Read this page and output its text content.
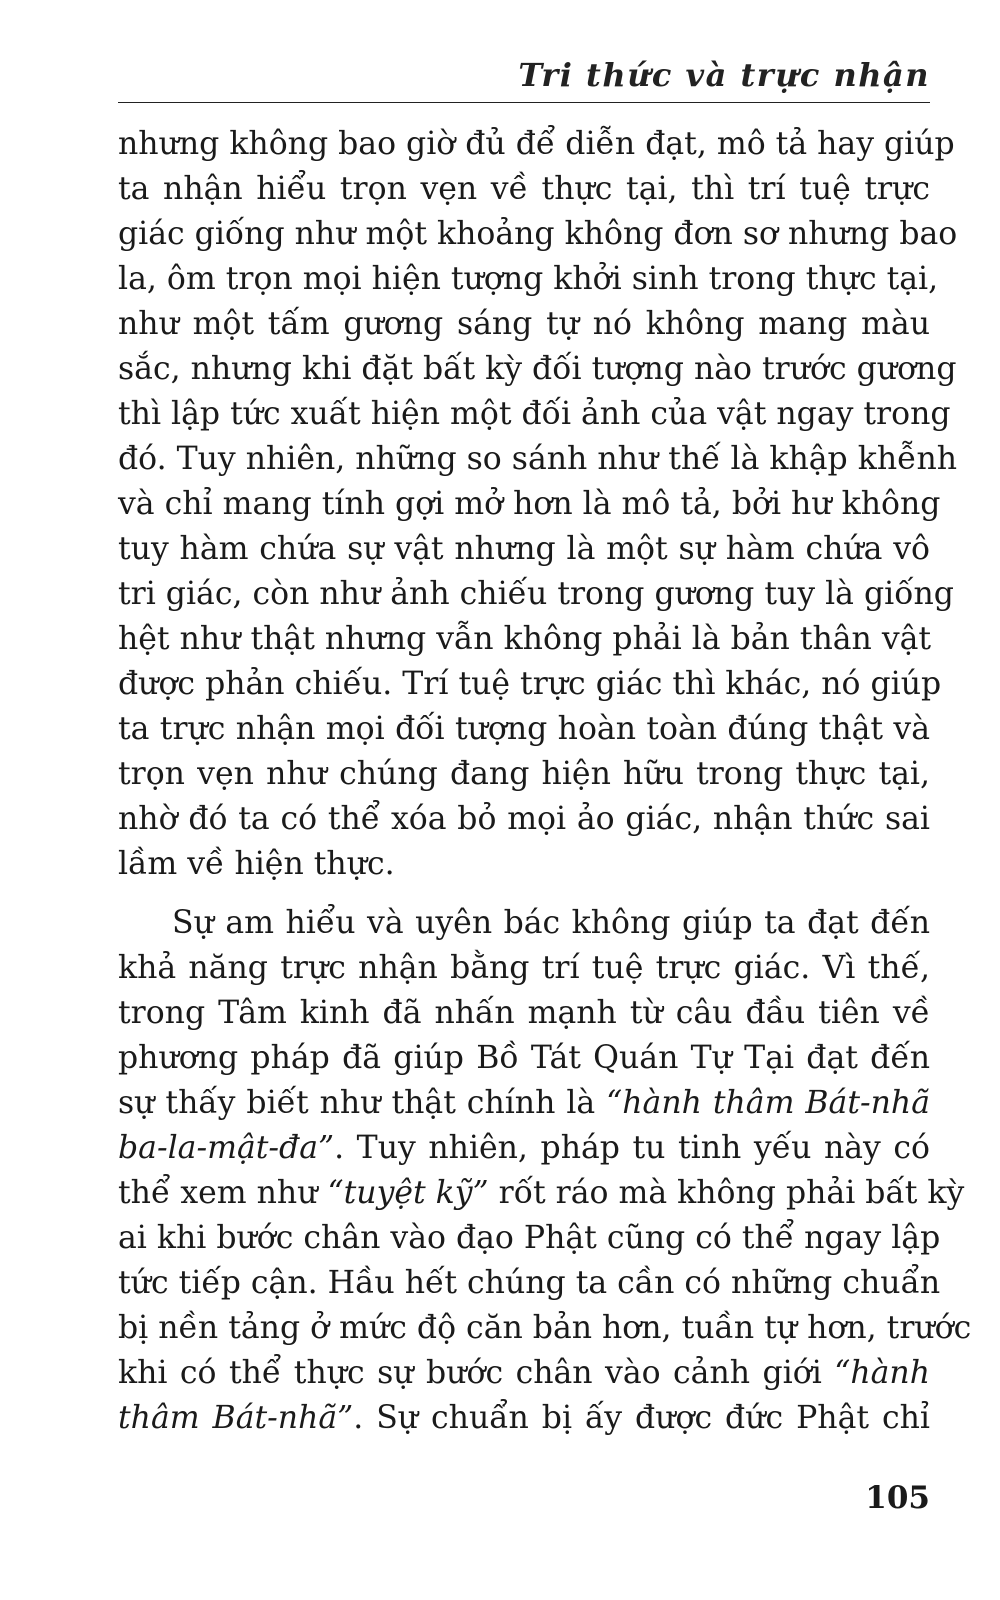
Tri thức và trực nhận
nhưng không bao giờ đủ để diễn đạt, mô tả hay giúp
ta nhận hiểu trọn vẹn về thực tại, thì trí tuệ trực
giác giống như một khoảng không đơn sơ nhưng bao
la, ôm trọn mọi hiện tượng khởi sinh trong thực tại,
như một tấm gương sáng tự nó không mang màu
sắc, nhưng khi đặt bất kỳ đối tượng nào trước gương
thì lập tức xuất hiện một đối ảnh của vật ngay trong
đó. Tuy nhiên, những so sánh như thế là khập khễnh
và chỉ mang tính gợi mở hơn là mô tả, bởi hư không
tuy hàm chứa sự vật nhưng là một sự hàm chứa vô
tri giác, còn như ảnh chiếu trong gương tuy là giống
hệt như thật nhưng vẫn không phải là bản thân vật
được phản chiếu. Trí tuệ trực giác thì khác, nó giúp
ta trực nhận mọi đối tượng hoàn toàn đúng thật và
trọn vẹn như chúng đang hiện hữu trong thực tại,
nhờ đó ta có thể xóa bỏ mọi ảo giác, nhận thức sai
lầm về hiện thực.
Sự am hiểu và uyên bác không giúp ta đạt đến
khả năng trực nhận bằng trí tuệ trực giác. Vì thế,
trong Tâm kinh đã nhấn mạnh từ câu đầu tiên về
phương pháp đã giúp Bồ Tát Quán Tự Tại đạt đến
sự thấy biết như thật chính là “hành thâm Bát-nhã
ba-la-mật-đa”. Tuy nhiên, pháp tu tinh yếu này có
thể xem như “tuyệt kỹ” rốt ráo mà không phải bất kỳ
ai khi bước chân vào đạo Phật cũng có thể ngay lập
tức tiếp cận. Hầu hết chúng ta cần có những chuẩn
bị nền tảng ở mức độ căn bản hơn, tuần tự hơn, trước
khi có thể thực sự bước chân vào cảnh giới “hành
thâm Bát-nhã”. Sự chuẩn bị ấy được đức Phật chỉ
105
